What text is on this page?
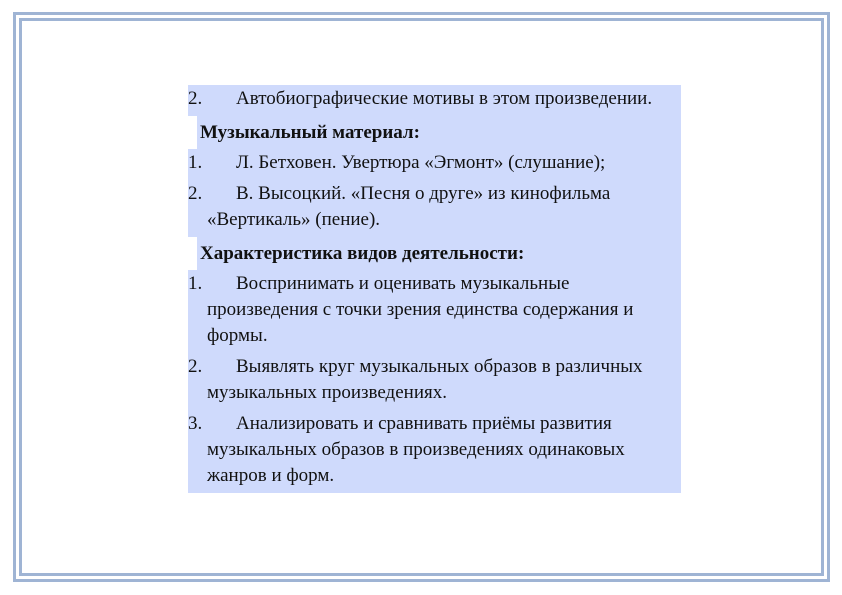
2.	Автобиографические мотивы в этом произведении.
Музыкальный материал:
1.	Л. Бетховен. Увертюра «Эгмонт» (слушание);
2.	В. Высоцкий. «Песня о друге» из кинофильма «Вертикаль» (пение).
Характеристика видов деятельности:
1.	Воспринимать и оценивать музыкальные произведения с точки зрения единства содержания и формы.
2.	Выявлять круг музыкальных образов в различных музыкальных произведениях.
3.	Анализировать и сравнивать приёмы развития музыкальных образов в произведениях одинаковых жанров и форм.
